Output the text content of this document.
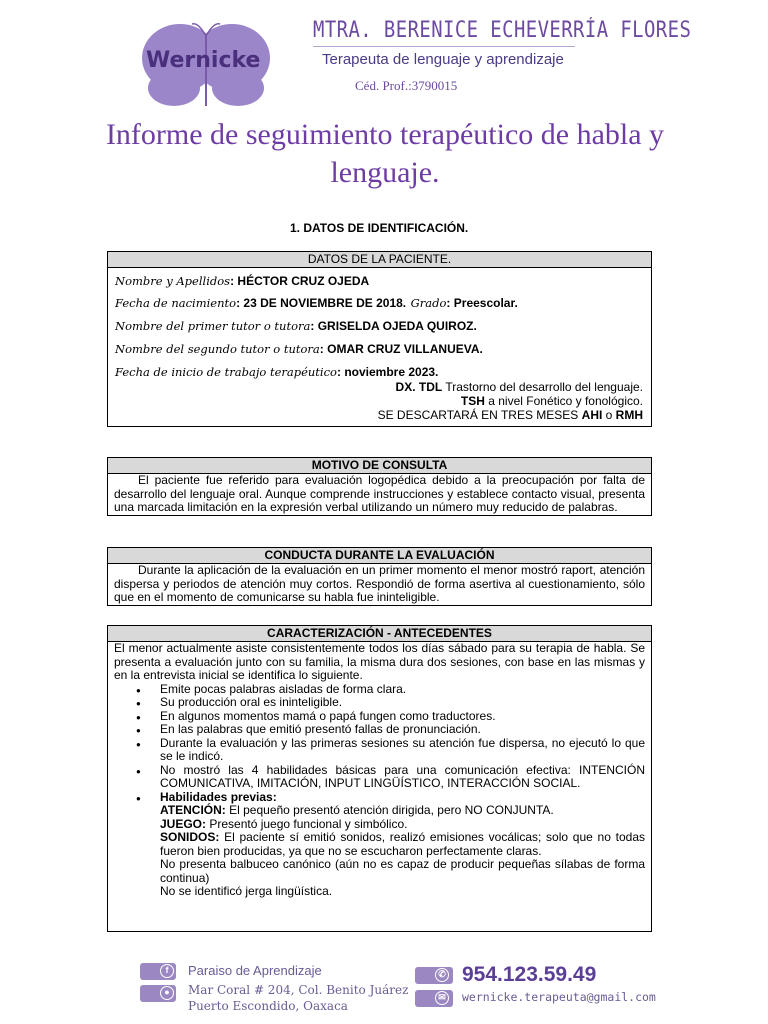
Wernicke
MTRA. BERENICE ECHEVERRÍA FLORES
Terapeuta de lenguaje y aprendizaje
Céd. Prof.:3790015
Informe de seguimiento terapéutico de habla y lenguaje.
1. DATOS DE IDENTIFICACIÓN.
DATOS DE LA PACIENTE.
Nombre y Apellidos: HÉCTOR CRUZ OJEDA
Fecha de nacimiento: 23 DE NOVIEMBRE DE 2018. Grado: Preescolar.
Nombre del primer tutor o tutora: GRISELDA OJEDA QUIROZ.
Nombre del segundo tutor o tutora: OMAR CRUZ VILLANUEVA.
Fecha de inicio de trabajo terapéutico: noviembre 2023.
DX. TDL Trastorno del desarrollo del lenguaje.
TSH a nivel Fonético y fonológico.
SE DESCARTARÁ EN TRES MESES AHI o RMH
MOTIVO DE CONSULTA
El paciente fue referido para evaluación logopédica debido a la preocupación por falta de desarrollo del lenguaje oral. Aunque comprende instrucciones y establece contacto visual, presenta una marcada limitación en la expresión verbal utilizando un número muy reducido de palabras.
CONDUCTA DURANTE LA EVALUACIÓN
Durante la aplicación de la evaluación en un primer momento el menor mostró raport, atención dispersa y periodos de atención muy cortos. Respondió de forma asertiva al cuestionamiento, sólo que en el momento de comunicarse su habla fue ininteligible.
CARACTERIZACIÓN - ANTECEDENTES
El menor actualmente asiste consistentemente todos los días sábado para su terapia de habla. Se presenta a evaluación junto con su familia, la misma dura dos sesiones, con base en las mismas y en la entrevista inicial se identifica lo siguiente.
● Emite pocas palabras aisladas de forma clara.
● Su producción oral es ininteligible.
● En algunos momentos mamá o papá fungen como traductores.
● En las palabras que emitió presentó fallas de pronunciación.
● Durante la evaluación y las primeras sesiones su atención fue dispersa, no ejecutó lo que se le indicó.
● No mostró las 4 habilidades básicas para una comunicación efectiva: INTENCIÓN COMUNICATIVA, IMITACIÓN, INPUT LINGÜÍSTICO, INTERACCIÓN SOCIAL.
● Habilidades previas:
ATENCIÓN: El pequeño presentó atención dirigida, pero NO CONJUNTA.
JUEGO: Presentó juego funcional y simbólico.
SONIDOS: El paciente sí emitió sonidos, realizó emisiones vocálicas; solo que no todas fueron bien producidas, ya que no se escucharon perfectamente claras.
No presenta balbuceo canónico (aún no es capaz de producir pequeñas sílabas de forma continua)
No se identificó jerga lingüística.
f	Paraiso de Aprendizaje
●	Mar Coral # 204, Col. Benito Juárez
Puerto Escondido, Oaxaca
✆ 954.123.59.49
✉ wernicke.terapeuta@gmail.com
